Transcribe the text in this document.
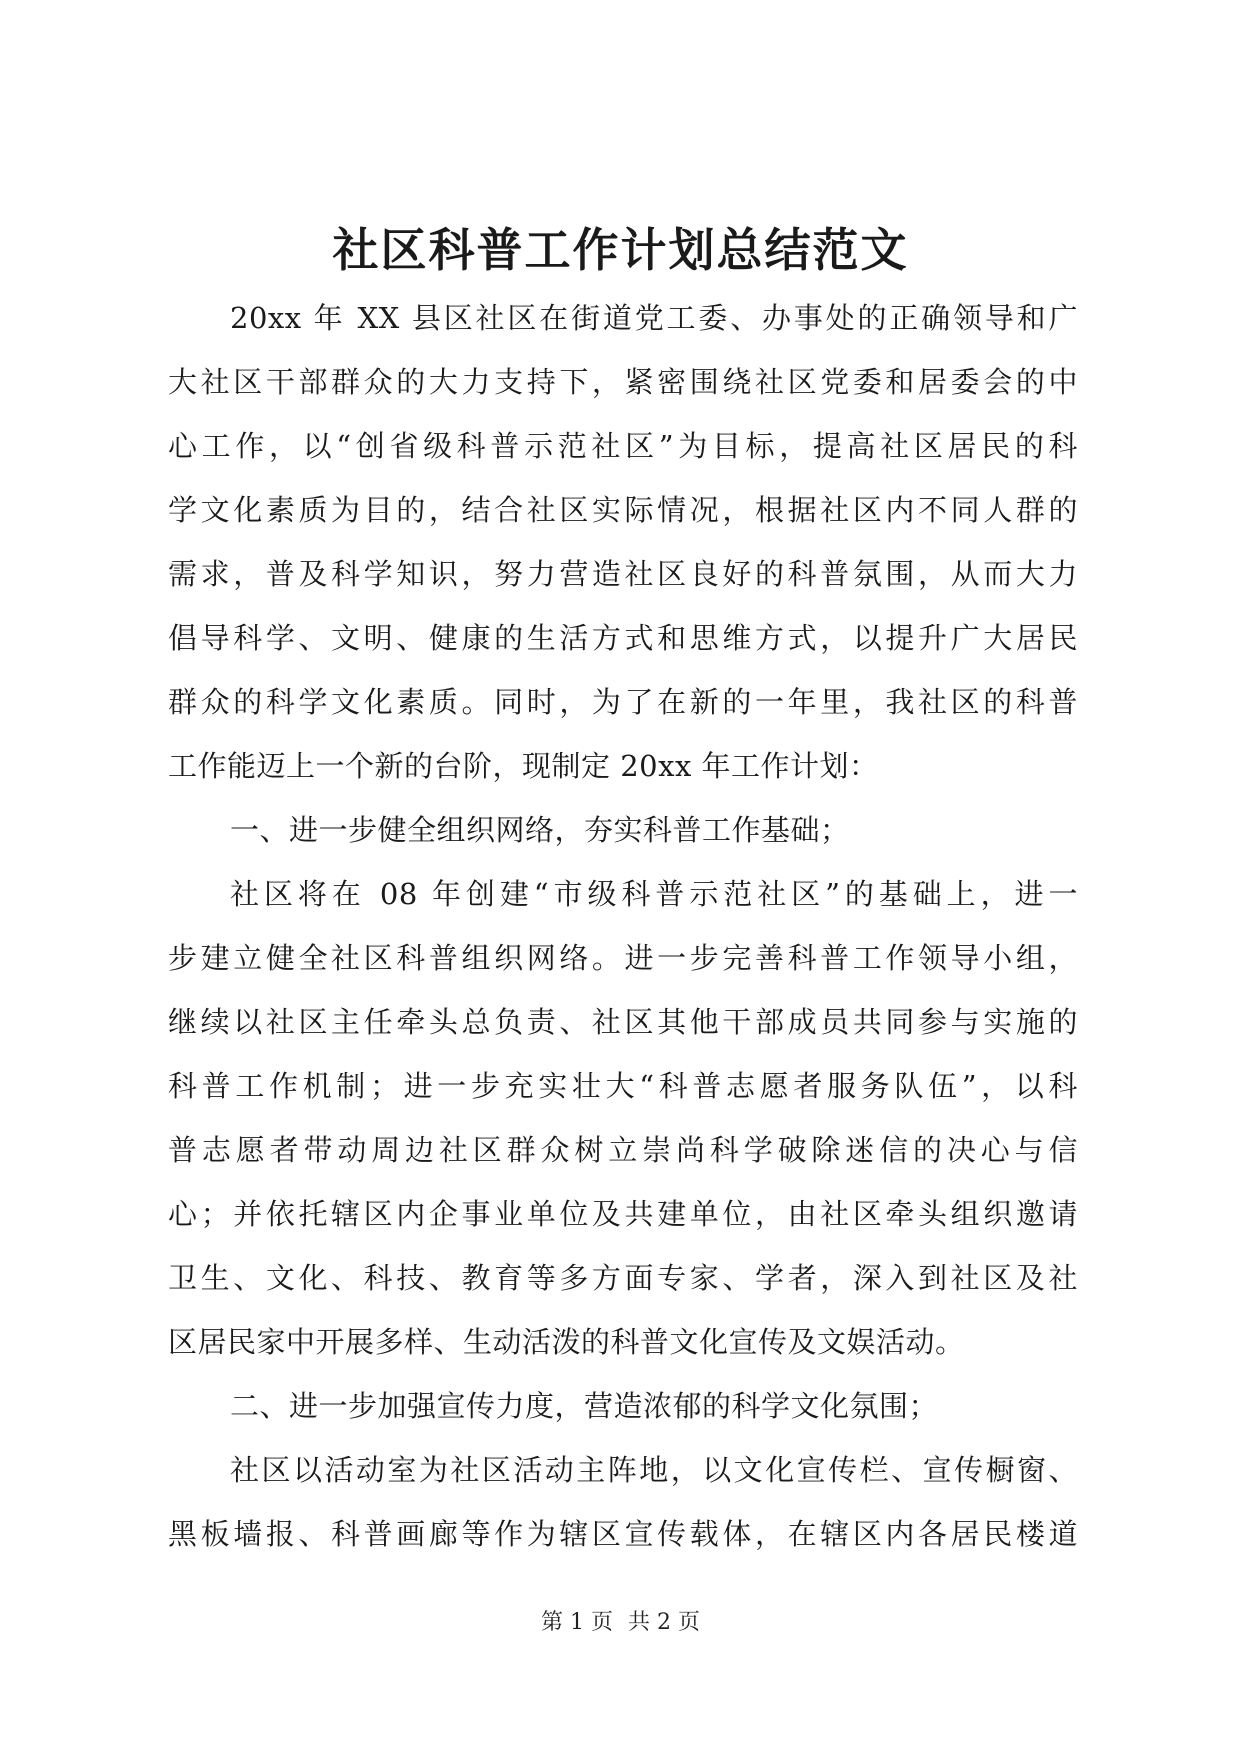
社区科普工作计划总结范文
20xx 年 XX 县区社区在街道党工委、办事处的正确领导和广
大社区干部群众的大力支持下，紧密围绕社区党委和居委会的中
心工作，以“创省级科普示范社区”为目标，提高社区居民的科
学文化素质为目的，结合社区实际情况，根据社区内不同人群的
需求，普及科学知识，努力营造社区良好的科普氛围，从而大力
倡导科学、文明、健康的生活方式和思维方式，以提升广大居民
群众的科学文化素质。同时，为了在新的一年里，我社区的科普
工作能迈上一个新的台阶，现制定 20xx 年工作计划：
一、进一步健全组织网络，夯实科普工作基础；
社区将在 08 年创建“市级科普示范社区”的基础上，进一
步建立健全社区科普组织网络。进一步完善科普工作领导小组，
继续以社区主任牵头总负责、社区其他干部成员共同参与实施的
科普工作机制；进一步充实壮大“科普志愿者服务队伍”，以科
普志愿者带动周边社区群众树立崇尚科学破除迷信的决心与信
心；并依托辖区内企事业单位及共建单位，由社区牵头组织邀请
卫生、文化、科技、教育等多方面专家、学者，深入到社区及社
区居民家中开展多样、生动活泼的科普文化宣传及文娱活动。
二、进一步加强宣传力度，营造浓郁的科学文化氛围；
社区以活动室为社区活动主阵地，以文化宣传栏、宣传橱窗、
黑板墙报、科普画廊等作为辖区宣传载体，在辖区内各居民楼道
第 1 页 共 2 页
